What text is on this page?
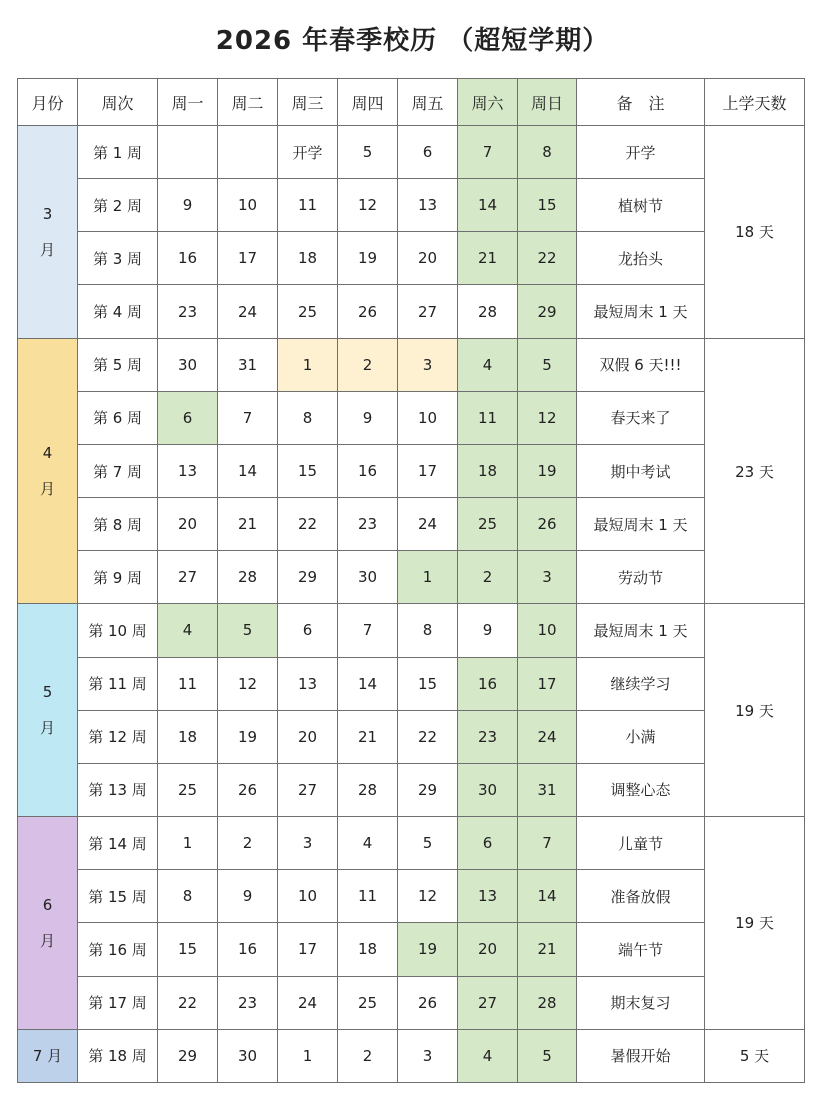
2026 年春季校历 （超短学期）
月份	周次	周一	周二	周三	周四	周五	周六	周日	备　注	上学天数
3
月	第 1 周			开学	5	6	7	8	开学	18 天
	第 2 周	9	10	11	12	13	14	15	植树节	
	第 3 周	16	17	18	19	20	21	22	龙抬头	
	第 4 周	23	24	25	26	27	28	29	最短周末 1 天	
4
月	第 5 周	30	31	1	2	3	4	5	双假 6 天!!!	23 天
	第 6 周	6	7	8	9	10	11	12	春天来了	
	第 7 周	13	14	15	16	17	18	19	期中考试	
	第 8 周	20	21	22	23	24	25	26	最短周末 1 天	
	第 9 周	27	28	29	30	1	2	3	劳动节	
5
月	第 10 周	4	5	6	7	8	9	10	最短周末 1 天	19 天
	第 11 周	11	12	13	14	15	16	17	继续学习	
	第 12 周	18	19	20	21	22	23	24	小满	
	第 13 周	25	26	27	28	29	30	31	调整心态	
6
月	第 14 周	1	2	3	4	5	6	7	儿童节	19 天
	第 15 周	8	9	10	11	12	13	14	准备放假	
	第 16 周	15	16	17	18	19	20	21	端午节	
	第 17 周	22	23	24	25	26	27	28	期末复习	
7 月	第 18 周	29	30	1	2	3	4	5	暑假开始	5 天
